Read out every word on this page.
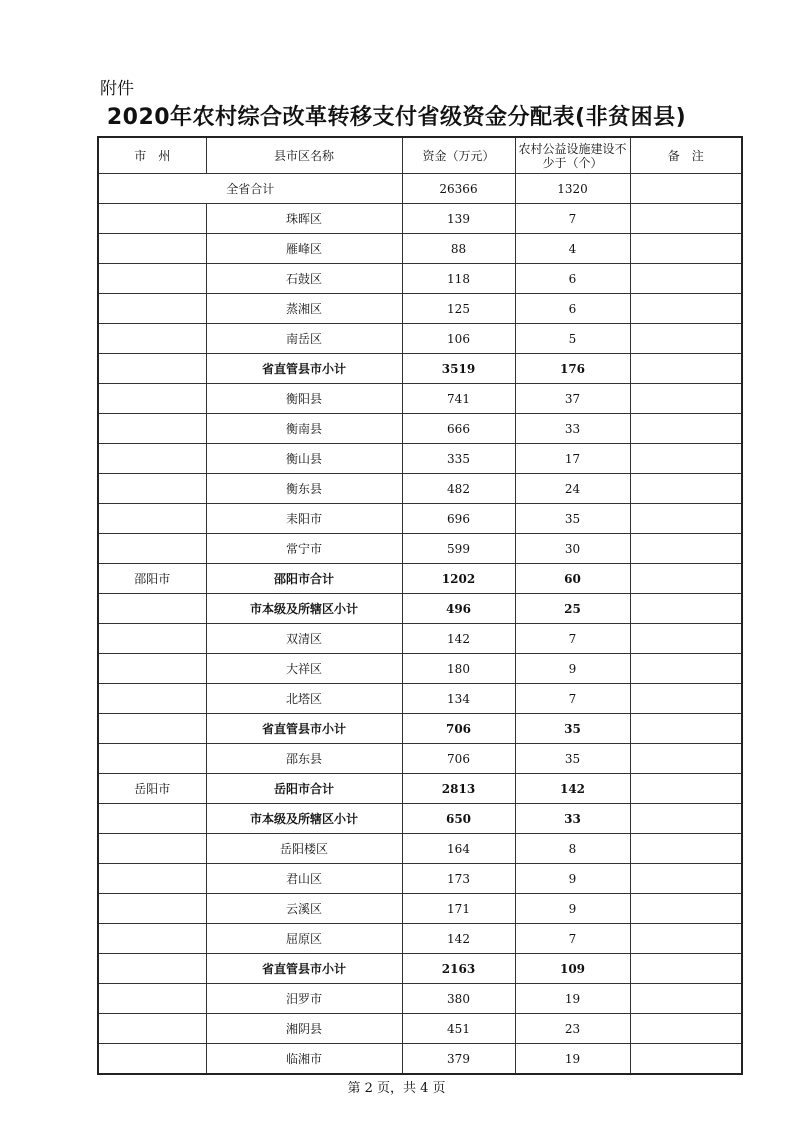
附件
2020年农村综合改革转移支付省级资金分配表(非贫困县)
市　州	县市区名称	资金（万元）	农村公益设施建设不少于（个）	备　注
全省合计		26366	1320	
	珠晖区	139	7	
	雁峰区	88	4	
	石鼓区	118	6	
	蒸湘区	125	6	
	南岳区	106	5	
	省直管县市小计	3519	176	
	衡阳县	741	37	
	衡南县	666	33	
	衡山县	335	17	
	衡东县	482	24	
	耒阳市	696	35	
	常宁市	599	30	
邵阳市	邵阳市合计	1202	60	
	市本级及所辖区小计	496	25	
	双清区	142	7	
	大祥区	180	9	
	北塔区	134	7	
	省直管县市小计	706	35	
	邵东县	706	35	
岳阳市	岳阳市合计	2813	142	
	市本级及所辖区小计	650	33	
	岳阳楼区	164	8	
	君山区	173	9	
	云溪区	171	9	
	屈原区	142	7	
	省直管县市小计	2163	109	
	汨罗市	380	19	
	湘阴县	451	23	
	临湘市	379	19	
第 2 页，共 4 页
